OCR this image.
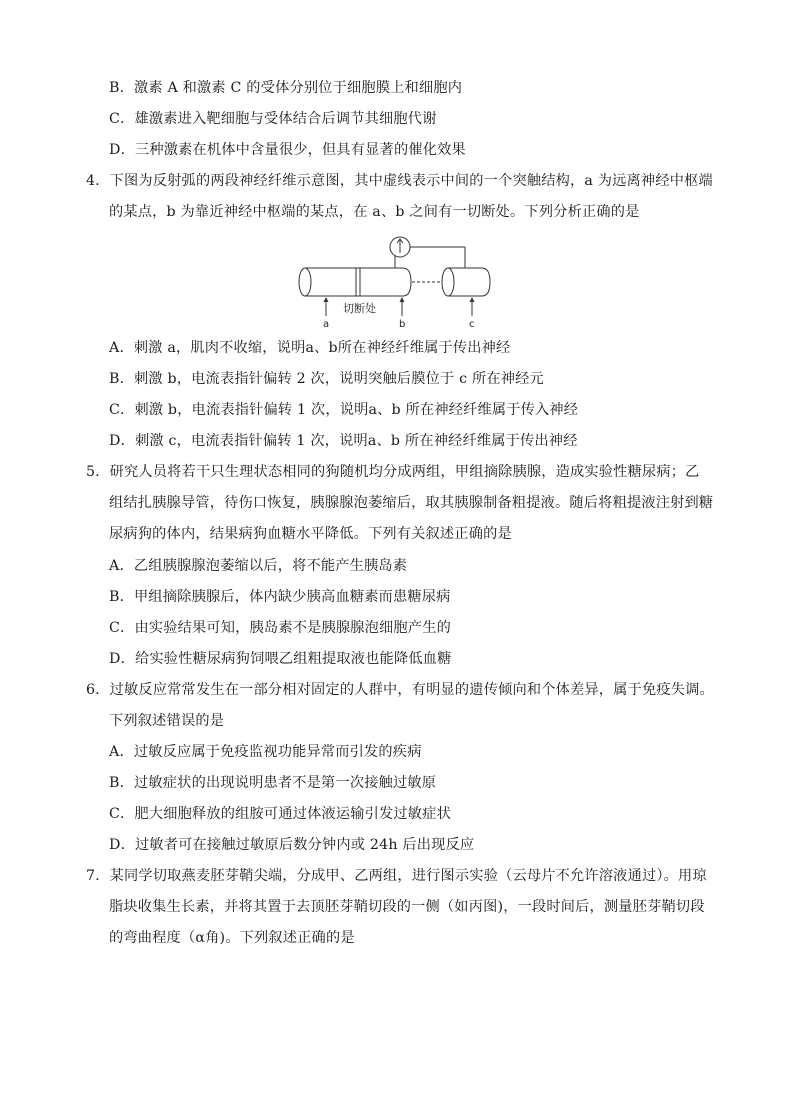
B．激素 A 和激素 C 的受体分别位于细胞膜上和细胞内
C．雄激素进入靶细胞与受体结合后调节其细胞代谢
D．三种激素在机体中含量很少，但具有显著的催化效果
4．下图为反射弧的两段神经纤维示意图，其中虚线表示中间的一个突触结构，a 为远离神经中枢端
的某点，b 为靠近神经中枢端的某点，在 a、b 之间有一切断处。下列分析正确的是
切断处
a	b	c
A．刺激 a，肌肉不收缩，说明a、b所在神经纤维属于传出神经
B．刺激 b，电流表指针偏转 2 次，说明突触后膜位于 c 所在神经元
C．刺激 b，电流表指针偏转 1 次，说明a、b 所在神经纤维属于传入神经
D．刺激 c，电流表指针偏转 1 次，说明a、b 所在神经纤维属于传出神经
5．研究人员将若干只生理状态相同的狗随机均分成两组，甲组摘除胰腺，造成实验性糖尿病；乙
组结扎胰腺导管，待伤口恢复，胰腺腺泡萎缩后，取其胰腺制备粗提液。随后将粗提液注射到糖
尿病狗的体内，结果病狗血糖水平降低。下列有关叙述正确的是
A．乙组胰腺腺泡萎缩以后，将不能产生胰岛素
B．甲组摘除胰腺后，体内缺少胰高血糖素而患糖尿病
C．由实验结果可知，胰岛素不是胰腺腺泡细胞产生的
D．给实验性糖尿病狗饲喂乙组粗提取液也能降低血糖
6．过敏反应常常发生在一部分相对固定的人群中，有明显的遗传倾向和个体差异，属于免疫失调。
下列叙述错误的是
A．过敏反应属于免疫监视功能异常而引发的疾病
B．过敏症状的出现说明患者不是第一次接触过敏原
C．肥大细胞释放的组胺可通过体液运输引发过敏症状
D．过敏者可在接触过敏原后数分钟内或 24h 后出现反应
7．某同学切取燕麦胚芽鞘尖端，分成甲、乙两组，进行图示实验（云母片不允许溶液通过）。用琼
脂块收集生长素，并将其置于去顶胚芽鞘切段的一侧（如丙图)，一段时间后，测量胚芽鞘切段
的弯曲程度（α角)。下列叙述正确的是
